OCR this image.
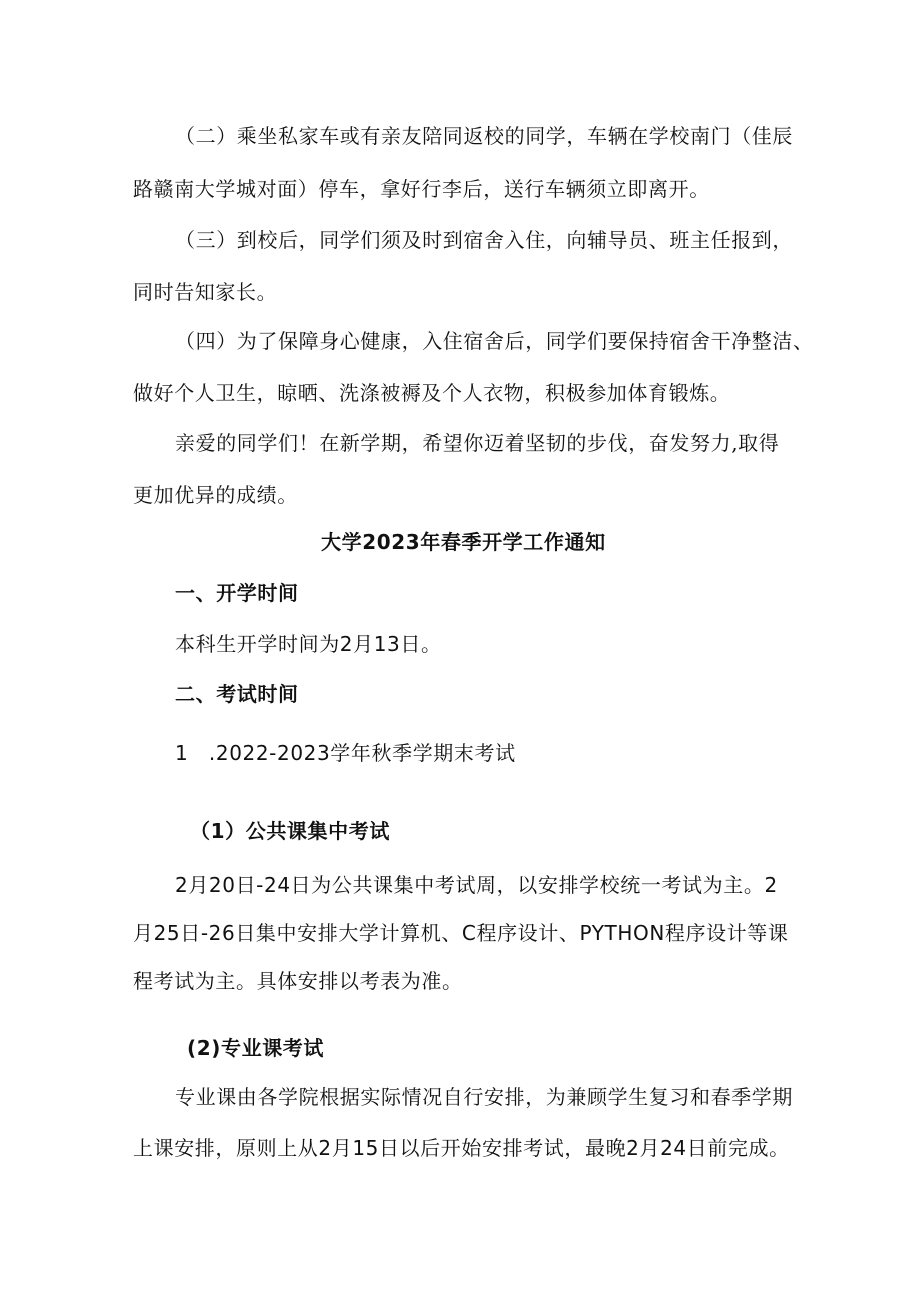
（二）乘坐私家车或有亲友陪同返校的同学，车辆在学校南门（佳辰
路赣南大学城对面）停车，拿好行李后，送行车辆须立即离开。
（三）到校后，同学们须及时到宿舍入住，向辅导员、班主任报到，
同时告知家长。
（四）为了保障身心健康，入住宿舍后，同学们要保持宿舍干净整洁、
做好个人卫生，晾晒、洗涤被褥及个人衣物，积极参加体育锻炼。
亲爱的同学们！在新学期，希望你迈着坚韧的步伐，奋发努力,取得
更加优异的成绩。
大学2023年春季开学工作通知
一、开学时间
本科生开学时间为2月13日。
二、考试时间
1　.2022-2023学年秋季学期末考试
（1）公共课集中考试
2月20日-24日为公共课集中考试周，以安排学校统一考试为主。2
月25日-26日集中安排大学计算机、C程序设计、PYTHON程序设计等课
程考试为主。具体安排以考表为准。
(2)专业课考试
专业课由各学院根据实际情况自行安排，为兼顾学生复习和春季学期
上课安排，原则上从2月15日以后开始安排考试，最晚2月24日前完成。
